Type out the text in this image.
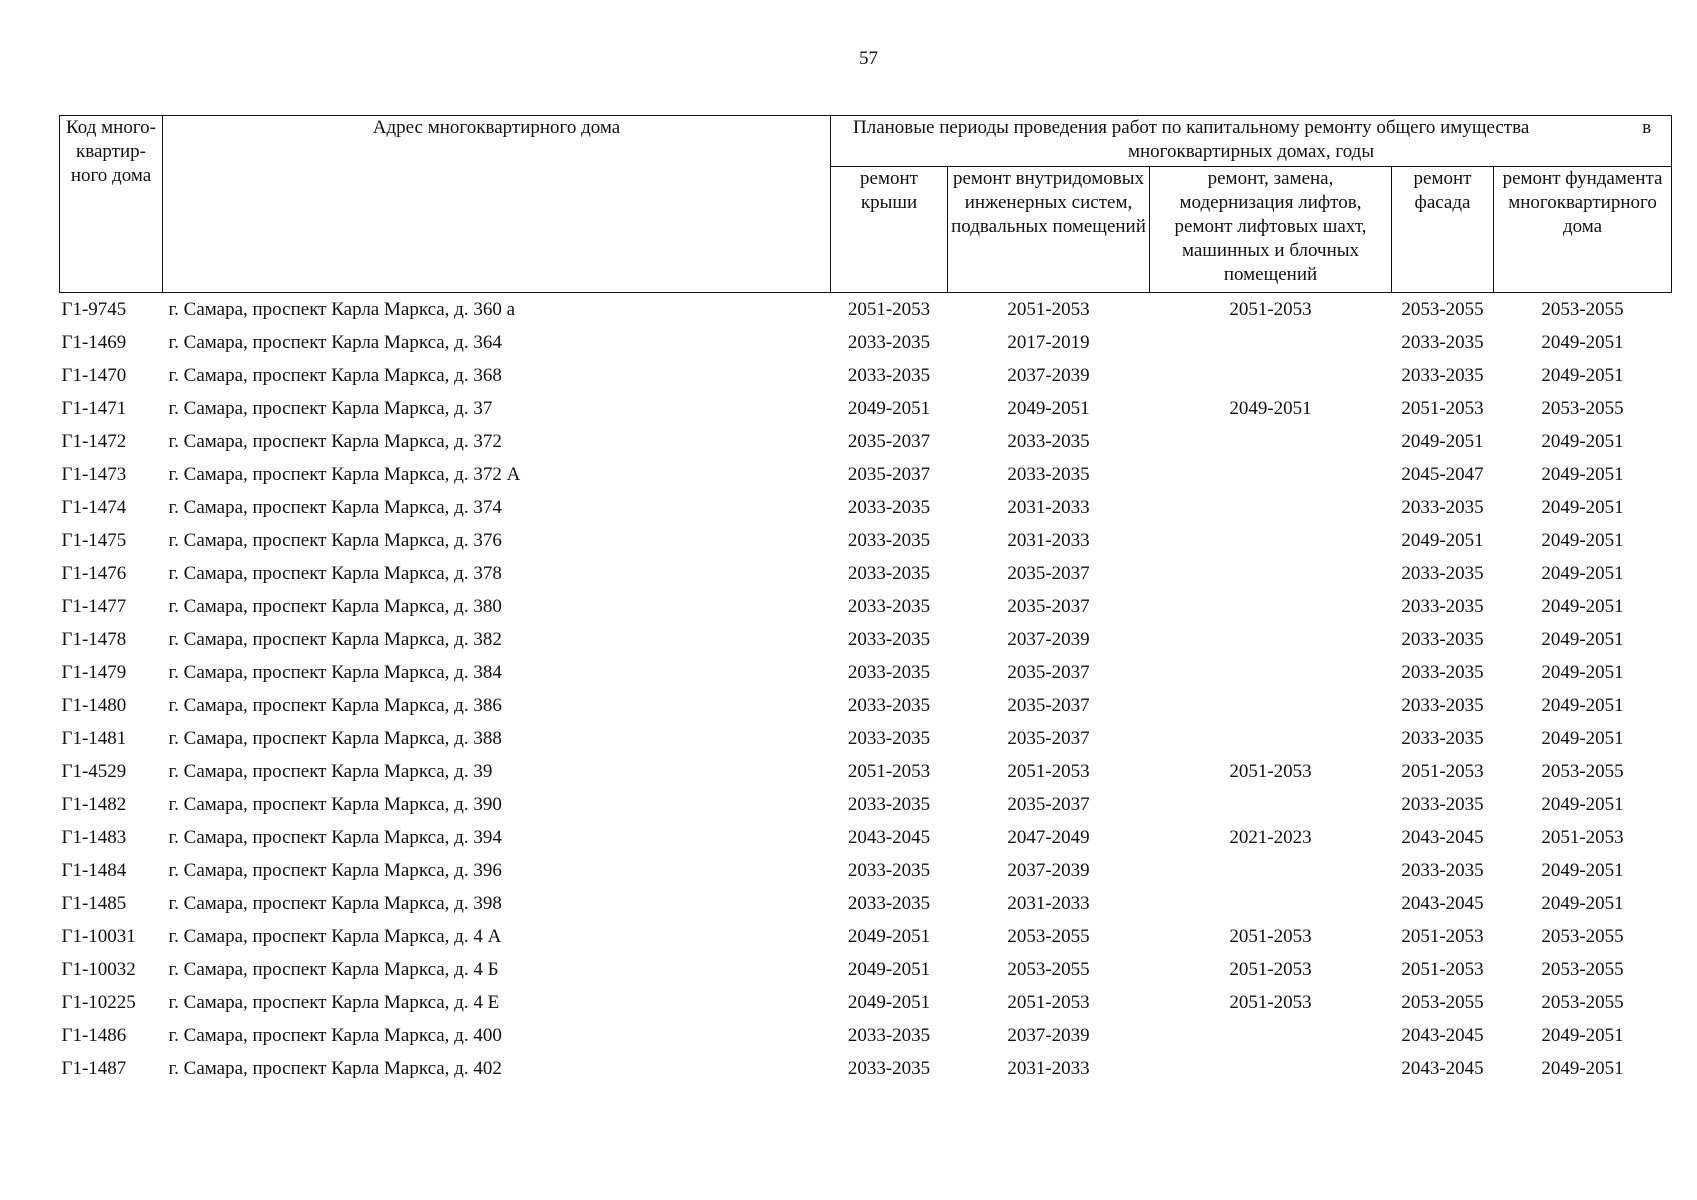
57
Код много-квартир-ного дома	Адрес многоквартирного дома	Плановые периоды проведения работ по капитальному ремонту общего имущества в
многоквартирных домах, годы				

		ремонт крыши	ремонт внутридомовых инженерных систем, подвальных помещений	ремонт, замена, модернизация лифтов, ремонт лифтовых шахт, машинных и блочных помещений	ремонт фасада	ремонт фундамента многоквартирного дома
Г1-9745	г. Самара, проспект Карла Маркса, д. 360 а	2051-2053	2051-2053	2051-2053	2053-2055	2053-2055
Г1-1469	г. Самара, проспект Карла Маркса, д. 364	2033-2035	2017-2019		2033-2035	2049-2051
Г1-1470	г. Самара, проспект Карла Маркса, д. 368	2033-2035	2037-2039		2033-2035	2049-2051
Г1-1471	г. Самара, проспект Карла Маркса, д. 37	2049-2051	2049-2051	2049-2051	2051-2053	2053-2055
Г1-1472	г. Самара, проспект Карла Маркса, д. 372	2035-2037	2033-2035		2049-2051	2049-2051
Г1-1473	г. Самара, проспект Карла Маркса, д. 372 А	2035-2037	2033-2035		2045-2047	2049-2051
Г1-1474	г. Самара, проспект Карла Маркса, д. 374	2033-2035	2031-2033		2033-2035	2049-2051
Г1-1475	г. Самара, проспект Карла Маркса, д. 376	2033-2035	2031-2033		2049-2051	2049-2051
Г1-1476	г. Самара, проспект Карла Маркса, д. 378	2033-2035	2035-2037		2033-2035	2049-2051
Г1-1477	г. Самара, проспект Карла Маркса, д. 380	2033-2035	2035-2037		2033-2035	2049-2051
Г1-1478	г. Самара, проспект Карла Маркса, д. 382	2033-2035	2037-2039		2033-2035	2049-2051
Г1-1479	г. Самара, проспект Карла Маркса, д. 384	2033-2035	2035-2037		2033-2035	2049-2051
Г1-1480	г. Самара, проспект Карла Маркса, д. 386	2033-2035	2035-2037		2033-2035	2049-2051
Г1-1481	г. Самара, проспект Карла Маркса, д. 388	2033-2035	2035-2037		2033-2035	2049-2051
Г1-4529	г. Самара, проспект Карла Маркса, д. 39	2051-2053	2051-2053	2051-2053	2051-2053	2053-2055
Г1-1482	г. Самара, проспект Карла Маркса, д. 390	2033-2035	2035-2037		2033-2035	2049-2051
Г1-1483	г. Самара, проспект Карла Маркса, д. 394	2043-2045	2047-2049	2021-2023	2043-2045	2051-2053
Г1-1484	г. Самара, проспект Карла Маркса, д. 396	2033-2035	2037-2039		2033-2035	2049-2051
Г1-1485	г. Самара, проспект Карла Маркса, д. 398	2033-2035	2031-2033		2043-2045	2049-2051
Г1-10031	г. Самара, проспект Карла Маркса, д. 4 А	2049-2051	2053-2055	2051-2053	2051-2053	2053-2055
Г1-10032	г. Самара, проспект Карла Маркса, д. 4 Б	2049-2051	2053-2055	2051-2053	2051-2053	2053-2055
Г1-10225	г. Самара, проспект Карла Маркса, д. 4 Е	2049-2051	2051-2053	2051-2053	2053-2055	2053-2055
Г1-1486	г. Самара, проспект Карла Маркса, д. 400	2033-2035	2037-2039		2043-2045	2049-2051
Г1-1487	г. Самара, проспект Карла Маркса, д. 402	2033-2035	2031-2033		2043-2045	2049-2051
